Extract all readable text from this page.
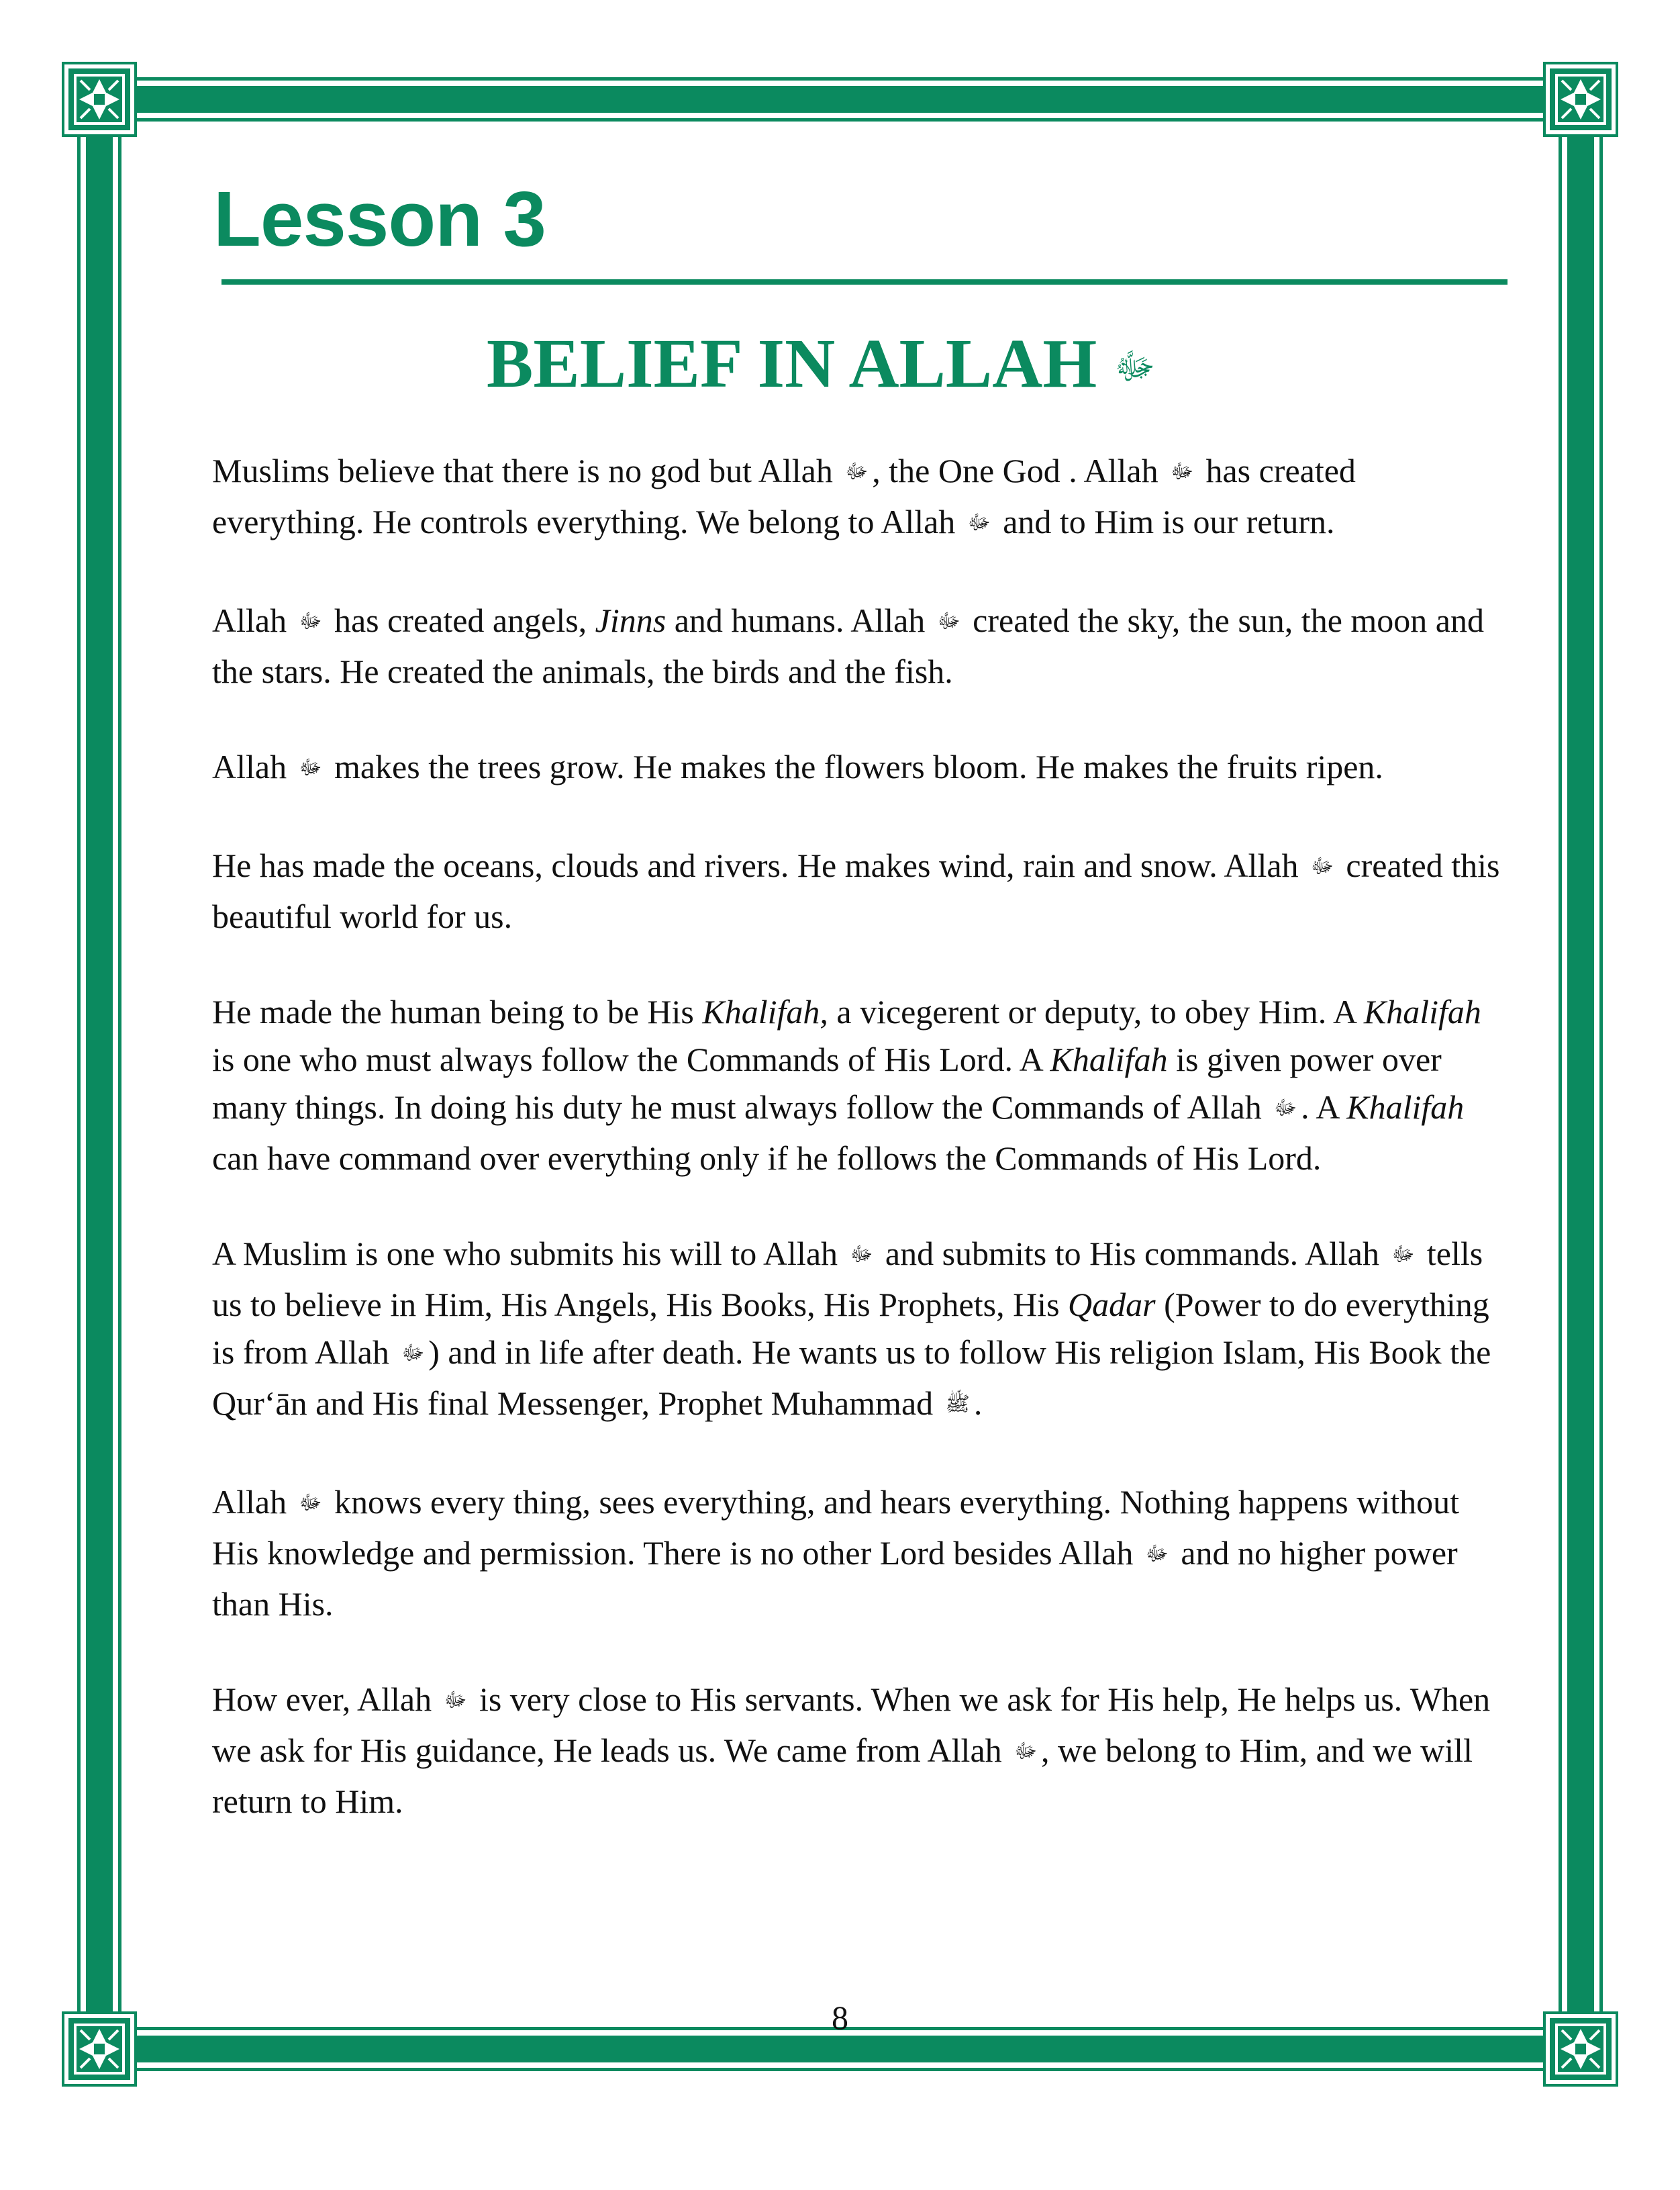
Lesson 3
BELIEF IN ALLAH ﷻ

Muslims believe that there is no god but Allah ﷻ , the One God . Allah ﷻ has created everything. He controls everything. We belong to Allah ﷻ and to Him is our return.

Allah ﷻ has created angels, Jinns and humans. Allah ﷻ created the sky, the sun, the moon and the stars. He created the animals, the birds and the fish.

Allah ﷻ makes the trees grow. He makes the flowers bloom. He makes the fruits ripen.

He has made the oceans, clouds and rivers. He makes wind, rain and snow. Allah ﷻ created this beautiful world for us.

He made the human being to be His Khalifah, a vicegerent or deputy, to obey Him. A Khalifah is one who must always follow the Commands of His Lord. A Khalifah is given power over many things. In doing his duty he must always follow the Commands of Allah ﷻ . A Khalifah can have command over everything only if he follows the Commands of His Lord.

A Muslim is one who submits his will to Allah ﷻ and submits to His commands. Allah ﷻ tells us to believe in Him, His Angels, His Books, His Prophets, His Qadar (Power to do everything is from Allah ﷻ ) and in life after death. He wants us to follow His religion Islam, His Book the Qur‘ān and His final Messenger, Prophet Muhammad ﷺ .

Allah ﷻ knows every thing, sees everything, and hears everything. Nothing happens without His knowledge and permission. There is no other Lord besides Allah ﷻ and no higher power than His.

How ever, Allah ﷻ is very close to His servants. When we ask for His help, He helps us. When we ask for His guidance, He leads us. We came from Allah ﷻ , we belong to Him, and we will return to Him.

8
